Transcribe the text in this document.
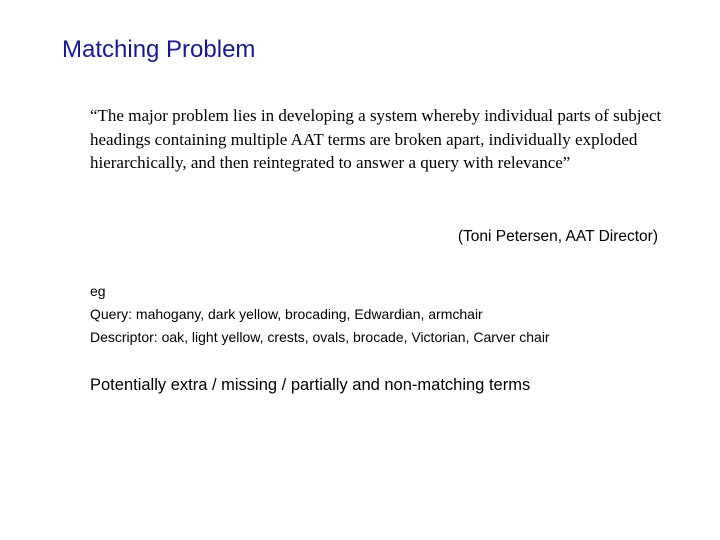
Matching Problem
“The major problem lies in developing a system whereby individual parts of subject headings containing multiple AAT terms are broken apart, individually exploded hierarchically, and then reintegrated to answer a query with relevance”
(Toni Petersen, AAT Director)
eg
Query: mahogany, dark yellow, brocading, Edwardian, armchair
Descriptor: oak, light yellow, crests, ovals, brocade, Victorian, Carver chair
Potentially extra / missing / partially and non-matching terms
